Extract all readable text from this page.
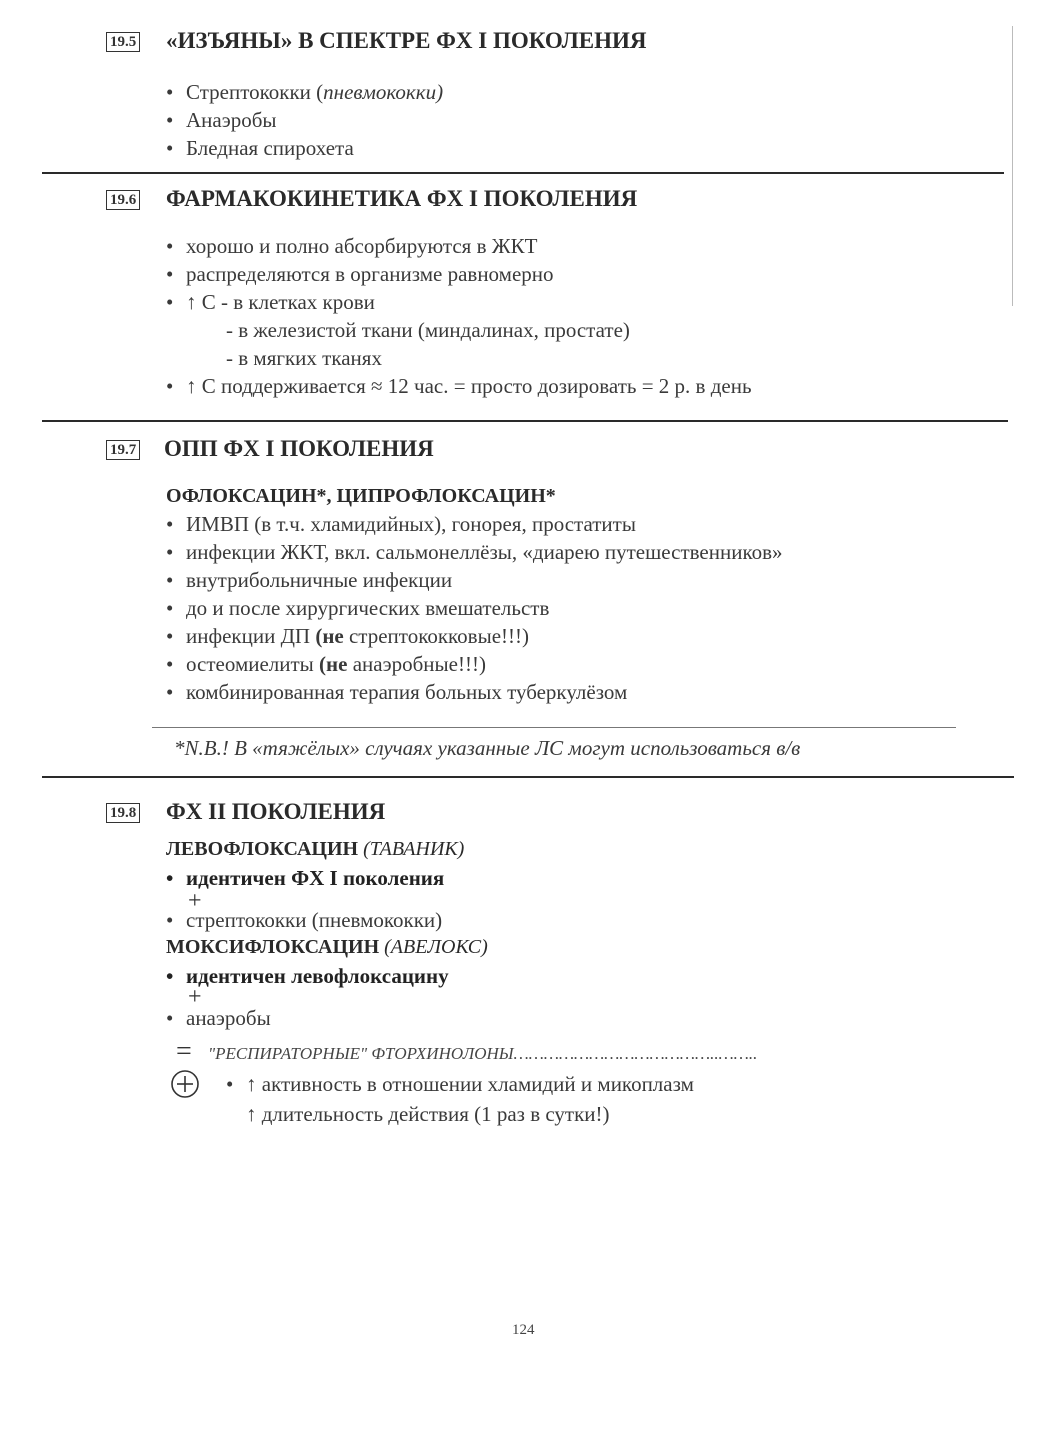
19.5 «ИЗЪЯНЫ» В СПЕКТРЕ ФХ I ПОКОЛЕНИЯ
• Стрептококки (пневмококки)
• Анаэробы
• Бледная спирохета
19.6 ФАРМАКОКИНЕТИКА ФХ I ПОКОЛЕНИЯ
• хорошо и полно абсорбируются в ЖКТ
• распределяются в организме равномерно
• ↑ С - в клетках крови
- в железистой ткани (миндалинах, простате)
- в мягких тканях
• ↑ С поддерживается ≈ 12 час. = просто дозировать = 2 р. в день
19.7 ОПП ФХ I ПОКОЛЕНИЯ
ОФЛОКСАЦИН*, ЦИПРОФЛОКСАЦИН*
• ИМВП (в т.ч. хламидийных), гонорея, простатиты
• инфекции ЖКТ, вкл. сальмонеллёзы, «диарею путешественников»
• внутрибольничные инфекции
• до и после хирургических вмешательств
• инфекции ДП (не стрептококковые!!!)
• остеомиелиты (не анаэробные!!!)
• комбинированная терапия больных туберкулёзом
*N.B.! В «тяжёлых» случаях указанные ЛС могут использоваться в/в
19.8 ФХ II ПОКОЛЕНИЯ
ЛЕВОФЛОКСАЦИН (ТАВАНИК)
• идентичен ФХ I поколения
+
• стрептококки (пневмококки)
МОКСИФЛОКСАЦИН (АВЕЛОКС)
• идентичен левофлоксацину
+
• анаэробы
= "РЕСПИРАТОРНЫЕ" ФТОРХИНОЛОНЫ…………………………………..……..
• ↑ активность в отношении хламидий и микоплазм
↑ длительность действия (1 раз в сутки!)
124
